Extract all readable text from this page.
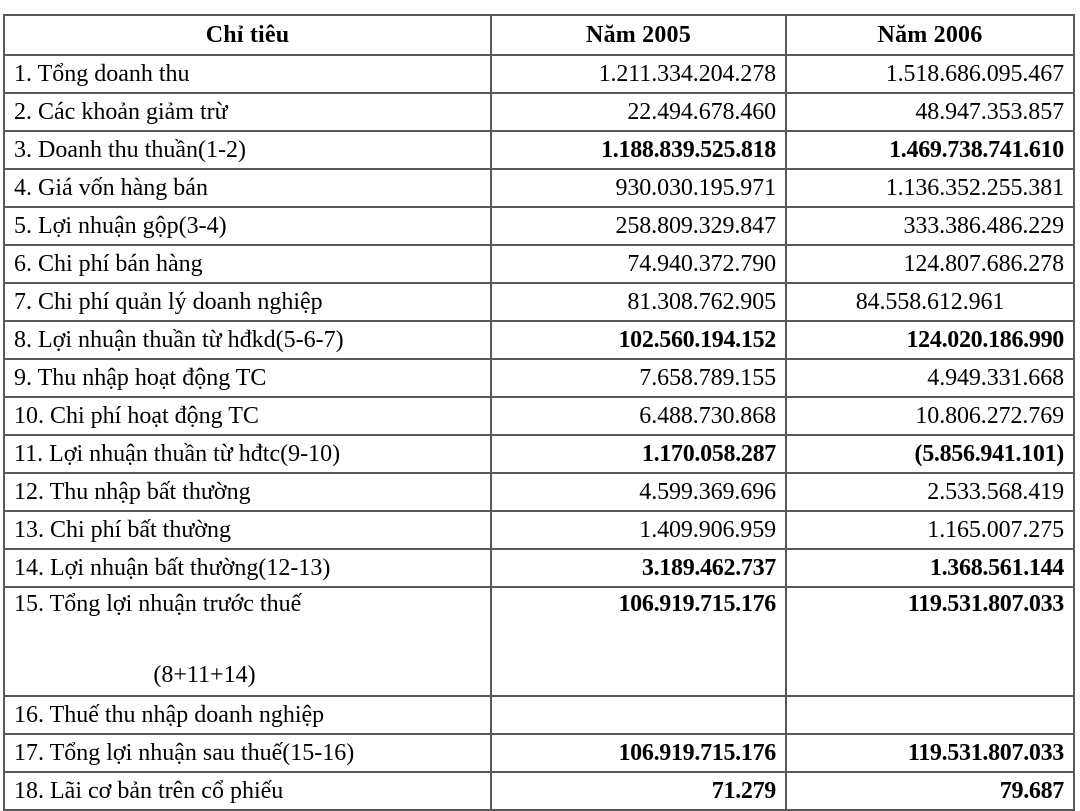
Chỉ tiêu	Năm 2005	Năm 2006
1. Tổng doanh thu	1.211.334.204.278	1.518.686.095.467
2. Các khoản giảm trừ	22.494.678.460	48.947.353.857
3. Doanh thu thuần(1-2)	1.188.839.525.818	1.469.738.741.610
4. Giá vốn hàng bán	930.030.195.971	1.136.352.255.381
5. Lợi nhuận gộp(3-4)	258.809.329.847	333.386.486.229
6. Chi phí bán hàng	74.940.372.790	124.807.686.278
7. Chi phí quản lý doanh nghiệp	81.308.762.905	84.558.612.961
8. Lợi nhuận thuần từ hđkd(5-6-7)	102.560.194.152	124.020.186.990
9. Thu nhập hoạt động TC	7.658.789.155	4.949.331.668
10. Chi phí hoạt động TC	6.488.730.868	10.806.272.769
11. Lợi nhuận thuần từ hđtc(9-10)	1.170.058.287	(5.856.941.101)
12. Thu nhập bất thường	4.599.369.696	2.533.568.419
13. Chi phí bất thường	1.409.906.959	1.165.007.275
14. Lợi nhuận bất thường(12-13)	3.189.462.737	1.368.561.144

15. Tổng lợi nhuận trước thuế
(8+11+14)	106.919.715.176	119.531.807.033
16. Thuế thu nhập doanh nghiệp		
17. Tổng lợi nhuận sau thuế(15-16)	106.919.715.176	119.531.807.033
18. Lãi cơ bản trên cổ phiếu	71.279	79.687
